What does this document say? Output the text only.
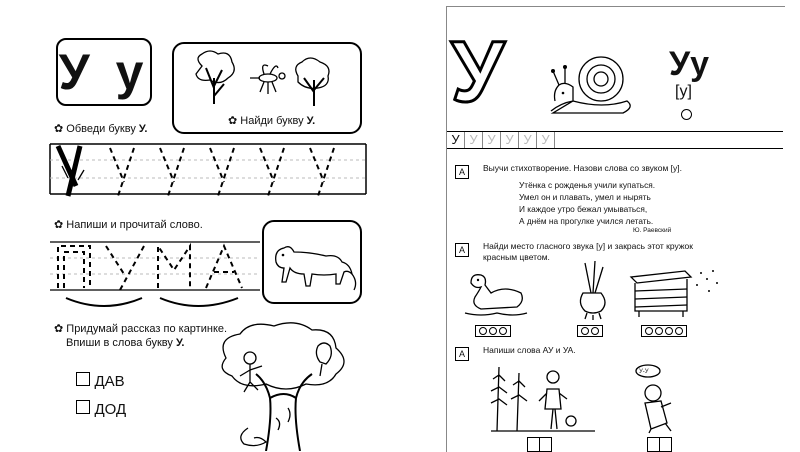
У у
✿ Найди букву У.
✿ Обведи букву У.
✿ Напиши и прочитай слово.
✿ Придумай рассказ по картинке.
Впиши в слова букву У.
ДАВ
ДОД
У	Уу
[у]
У У У У У У
А	Выучи стихотворение. Назови слова со звуком [у].
Утёнка с рожденья учили купаться.
Умел он и плавать, умел и нырять
И каждое утро бежал умываться,
А днём на прогулке учился летать.
Ю. Раевский
А	Найди место гласного звука [у] и закрась этот кружок
красным цветом.
А	Напиши слова АУ и УА.
У-У
